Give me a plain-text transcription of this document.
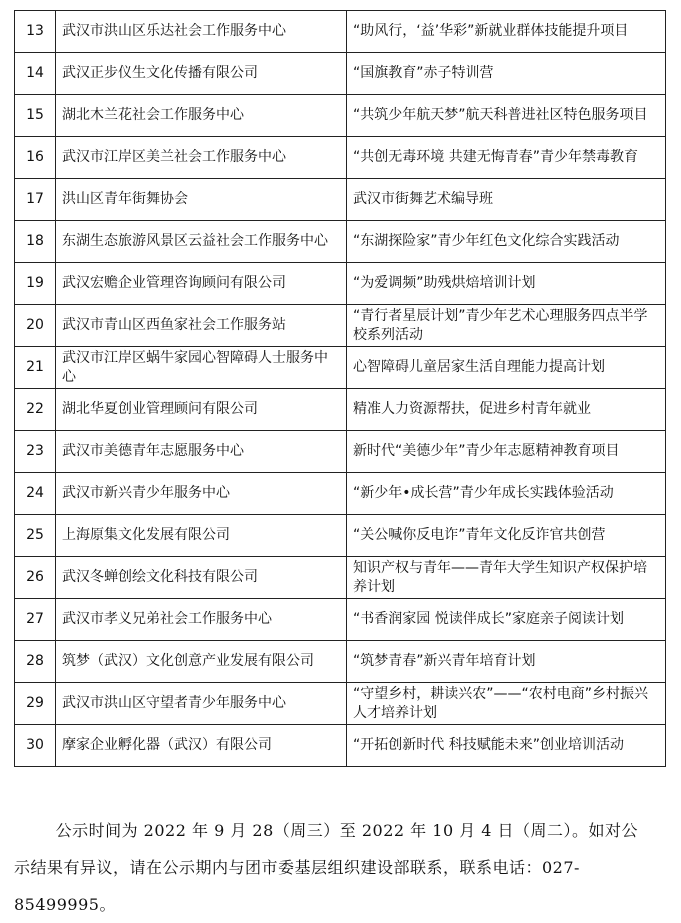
13	武汉市洪山区乐达社会工作服务中心	“助风行，‘益’华彩”新就业群体技能提升项目
14	武汉正步仪生文化传播有限公司	“国旗教育”赤子特训营
15	湖北木兰花社会工作服务中心	“共筑少年航天梦”航天科普进社区特色服务项目
16	武汉市江岸区美兰社会工作服务中心	“共创无毒环境 共建无悔青春”青少年禁毒教育
17	洪山区青年街舞协会	武汉市街舞艺术编导班
18	东湖生态旅游风景区云益社会工作服务中心	“东湖探险家”青少年红色文化综合实践活动
19	武汉宏赡企业管理咨询顾问有限公司	“为爱调频”助残烘焙培训计划
20	武汉市青山区西鱼家社会工作服务站	“青行者星辰计划”青少年艺术心理服务四点半学校系列活动
21	武汉市江岸区蜗牛家园心智障碍人士服务中心	心智障碍儿童居家生活自理能力提高计划
22	湖北华夏创业管理顾问有限公司	精准人力资源帮扶，促进乡村青年就业
23	武汉市美德青年志愿服务中心	新时代“美德少年”青少年志愿精神教育项目
24	武汉市新兴青少年服务中心	“新少年•成长营”青少年成长实践体验活动
25	上海原集文化发展有限公司	“关公喊你反电诈”青年文化反诈官共创营
26	武汉冬蝉创绘文化科技有限公司	知识产权与青年——青年大学生知识产权保护培养计划
27	武汉市孝义兄弟社会工作服务中心	“书香润家园 悦读伴成长”家庭亲子阅读计划
28	筑梦（武汉）文化创意产业发展有限公司	“筑梦青春”新兴青年培育计划
29	武汉市洪山区守望者青少年服务中心	“守望乡村，耕读兴农”——“农村电商”乡村振兴人才培养计划
30	摩家企业孵化器（武汉）有限公司	“开拓创新时代 科技赋能未来”创业培训活动

公示时间为 2022 年 9 月 28（周三）至 2022 年 10 月 4 日（周二）。如对公示结果有异议，请在公示期内与团市委基层组织建设部联系，联系电话：027-85499995。
